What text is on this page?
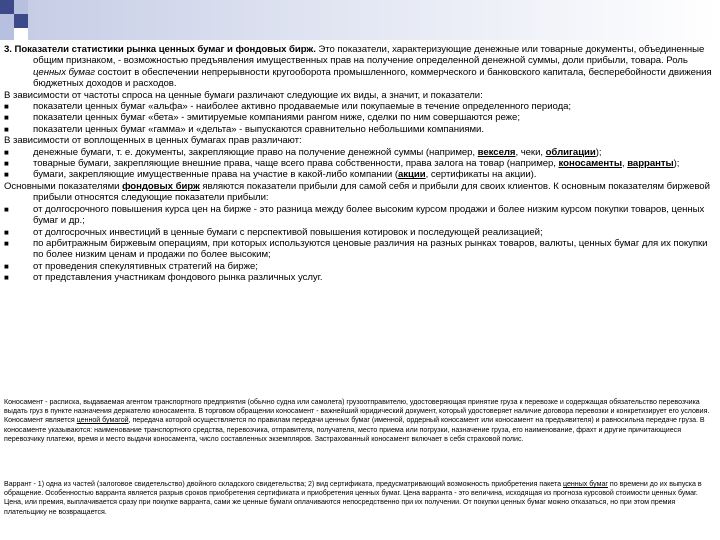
3. Показатели статистики рынка ценных бумаг и фондовых бирж. Это показатели, характеризующие денежные или товарные документы, объединенные общим признаком, - возможностью предъявления имущественных прав на получение определенной денежной суммы, доли прибыли, товара. Роль ценных бумаг состоит в обеспечении непрерывности кругооборота промышленного, коммерческого и банковского капитала, бесперебойности движения бюджетных доходов и расходов.

В зависимости от частоты спроса на ценные бумаги различают следующие их виды, а значит, и показатели:

■показатели ценных бумаг «альфа» - наиболее активно продаваемые или покупаемые в течение определенного периода;

■показатели ценных бумаг «бета» - эмитируемые компаниями рангом ниже, сделки по ним совершаются реже;

■показатели ценных бумаг «гамма» и «дельта» - выпускаются сравнительно небольшими компаниями.

В зависимости от воплощенных в ценных бумагах прав различают:

■денежные бумаги, т. е. документы, закрепляющие право на получение денежной суммы (например, векселя, чеки, облигации);

■товарные бумаги, закрепляющие внешние права, чаще всего права собственности, права залога на товар (например, коносаменты, варранты);

■бумаги, закрепляющие имущественные права на участие в какой-либо компании (акции, сертификаты на акции).

Основными показателями фондовых бирж являются показатели прибыли для самой себя и прибыли для своих клиентов. К основным показателям биржевой прибыли относятся следующие показатели прибыли:

■от долгосрочного повышения курса цен на бирже - это разница между более высоким курсом продажи и более низким курсом покупки товаров, ценных бумаг и др.;

■от долгосрочных инвестиций в ценные бумаги с перспективой повышения котировок и последующей реализацией;

■по арбитражным биржевым операциям, при которых используются ценовые различия на разных рынках товаров, валюты, ценных бумаг для их покупки по более низким ценам и продажи по более высоким;

■от проведения спекулятивных стратегий на бирже;

■от представления участникам фондового рынка различных услуг.

Коносамент - расписка, выдаваемая агентом транспортного предприятия (обычно судна или самолета) грузоотправителю, удостоверяющая принятие груза к перевозке и содержащая обязательство перевозчика выдать груз в пункте назначения держателю коносамента. В торговом обращении коносамент - важнейший юридический документ, который удостоверяет наличие договора перевозки и конкретизирует его условия. Коносамент является ценной бумагой, передача которой осуществляется по правилам передачи ценных бумаг (именной, ордерный коносамент или коносамент на предъявителя) и равносильна передаче груза. В коносаменте указываются: наименование транспортного средства, перевозчика, отправителя, получателя, место приема или погрузки, назначение груза, его наименование, фрахт и другие причитающиеся перевозчику платежи, время и место выдачи коносамента, число составленных экземпляров. Застрахованный коносамент включает в себя страховой полис.

Варрант - 1) одна из частей (залоговое свидетельство) двойного складского свидетельства; 2) вид сертификата, предусматривающий возможность приобретения пакета ценных бумаг по времени до их выпуска в обращение. Особенностью варранта является разрыв сроков приобретения сертификата и приобретения ценных бумаг. Цена варранта - это величина, исходящая из прогноза курсовой стоимости ценных бумаг. Цена, или премия, выплачивается сразу при покупке варранта, сами же ценные бумаги оплачиваются непосредственно при их получении. От покупки ценных бумаг можно отказаться, но при этом премия плательщику не возвращается.
